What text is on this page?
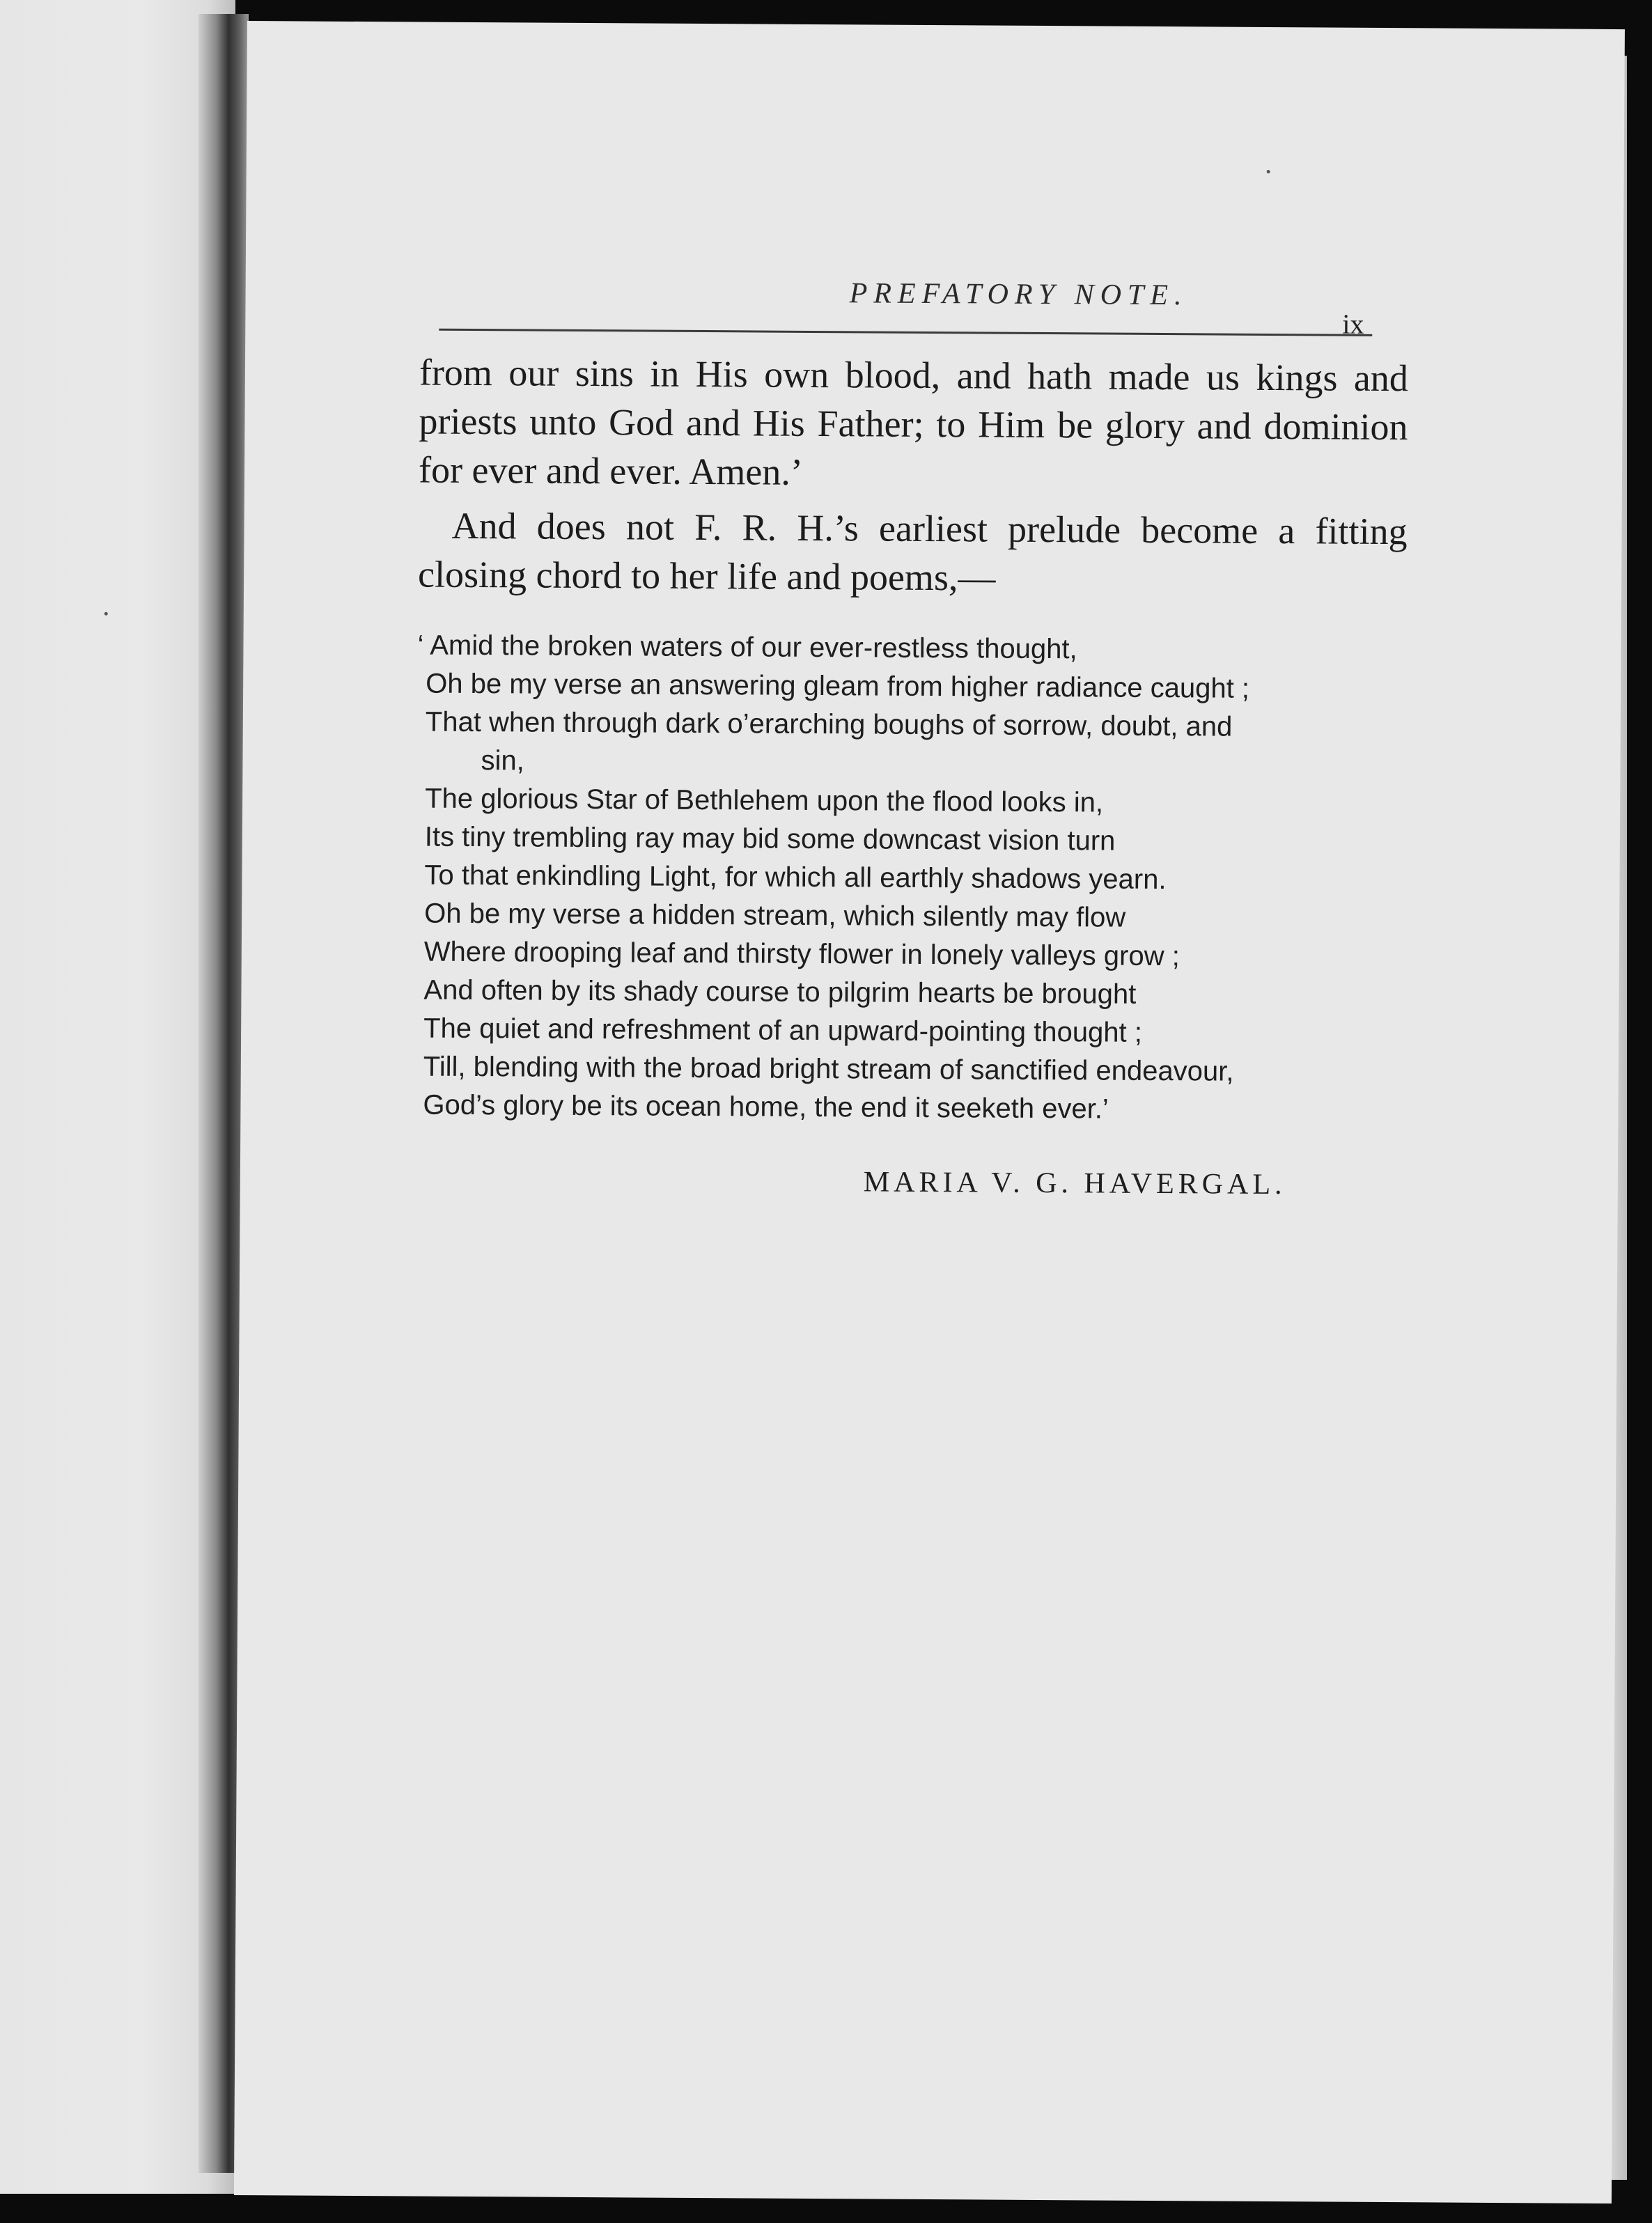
PREFATORY NOTE.
ix

from our sins in His own blood, and hath made us kings and priests unto God and His Father; to Him be glory and dominion for ever and ever. Amen.’

And does not F. R. H.’s earliest prelude become a fitting closing chord to her life and poems,—

‘ Amid the broken waters of our ever-restless thought,
Oh be my verse an answering gleam from higher radiance caught ;
That when through dark o’erarching boughs of sorrow, doubt, and
sin,
The glorious Star of Bethlehem upon the flood looks in,
Its tiny trembling ray may bid some downcast vision turn
To that enkindling Light, for which all earthly shadows yearn.
Oh be my verse a hidden stream, which silently may flow
Where drooping leaf and thirsty flower in lonely valleys grow ;
And often by its shady course to pilgrim hearts be brought
The quiet and refreshment of an upward-pointing thought ;
Till, blending with the broad bright stream of sanctified endeavour,
God’s glory be its ocean home, the end it seeketh ever.’
MARIA V. G. HAVERGAL.
